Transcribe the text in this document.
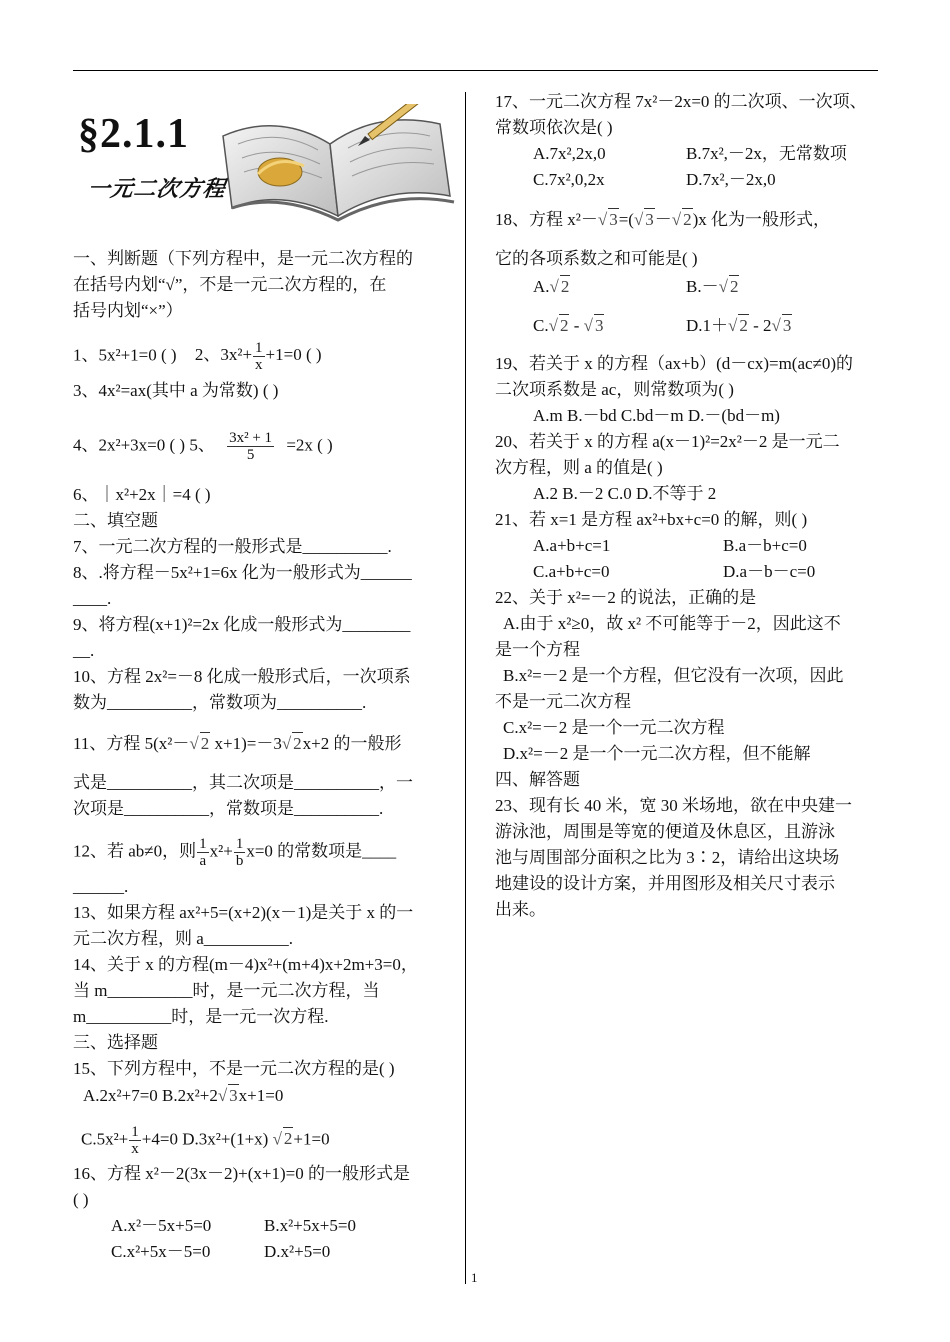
1
§2.1.1
一元二次方程
一、判断题（下列方程中，是一元二次方程的
在括号内划“√”，不是一元二次方程的，在
括号内划“×”）
1、5x²+1=0 ( ) 2、$3x^2+ \frac{1}{x} +1=0$ ( )
3、4x²=ax(其中 a 为常数) ( )
4、2x²+3x=0 ( ) 5、 $\frac{\text{3x² + 1}}{5} =2x$ ( )
6、｜x²+2x｜=4 ( )
二、填空题
7、一元二次方程的一般形式是__________.
8、.将方程－5x²+1=6x 化为一般形式为______
____.
9、将方程(x+1)²=2x 化成一般形式为________
__.
10、方程 2x²=－8 化成一般形式后，一次项系
数为__________，常数项为__________.
11、方程 5(x²－√ 2 x+1)=－3√ 2x+2 的一般形
式是__________，其二次项是__________，一
次项是__________，常数项是__________.
12、若 ab≠0，则 $\frac{1}{a} x^2+ \frac{1}{b} x=0$ 的常数项是____
______.
13、如果方程 ax²+5=(x+2)(x－1)是关于 x 的一
元二次方程，则 a__________.
14、关于 x 的方程(m－4)x²+(m+4)x+2m+3=0，
当 m__________时，是一元二次方程，当
m__________时，是一元一次方程.
三、选择题
15、下列方程中，不是一元二次方程的是( )
A.2x²+7=0 B.2x²+2√ 3x+1=0
$C.5x^2+ \frac{1}{x} +4=0$ D.3x²+(1+x) √ 2+1=0
16、方程 x²－2(3x－2)+(x+1)=0 的一般形式是
( )
A.x²－5x+5=0	B.x²+5x+5=0
C.x²+5x－5=0	D.x²+5=0
17、一元二次方程 7x²－2x=0 的二次项、一次项、
常数项依次是( )
A.7x²,2x,0	B.7x²,－2x，无常数项
C.7x²,0,2x	D.7x²,－2x,0
18、方程 x²－√ 3=(√ 3－√ 2)x 化为一般形式，
它的各项系数之和可能是( )
A.√ 2	B.－√ 2
C.√ 2 - √ 3	D.1＋√ 2 - 2√ 3
19、若关于 x 的方程（ax+b）(d－cx)=m(ac≠0)的
二次项系数是 ac，则常数项为( )
A.m B.－bd C.bd－m D.－(bd－m)
20、若关于 x 的方程 a(x－1)²=2x²－2 是一元二
次方程，则 a 的值是( )
A.2 B.－2 C.0 D.不等于 2
21、若 x=1 是方程 ax²+bx+c=0 的解，则( )
A.a+b+c=1	B.a－b+c=0
C.a+b+c=0	D.a－b－c=0
22、关于 x²=－2 的说法，正确的是
A.由于 x²≥0，故 x² 不可能等于－2，因此这不
是一个方程
B.x²=－2 是一个方程，但它没有一次项，因此
不是一元二次方程
C.x²=－2 是一个一元二次方程
D.x²=－2 是一个一元二次方程，但不能解
四、解答题
23、现有长 40 米，宽 30 米场地，欲在中央建一
游泳池，周围是等宽的便道及休息区，且游泳
池与周围部分面积之比为 3∶2，请给出这块场
地建设的设计方案，并用图形及相关尺寸表示
出来。
